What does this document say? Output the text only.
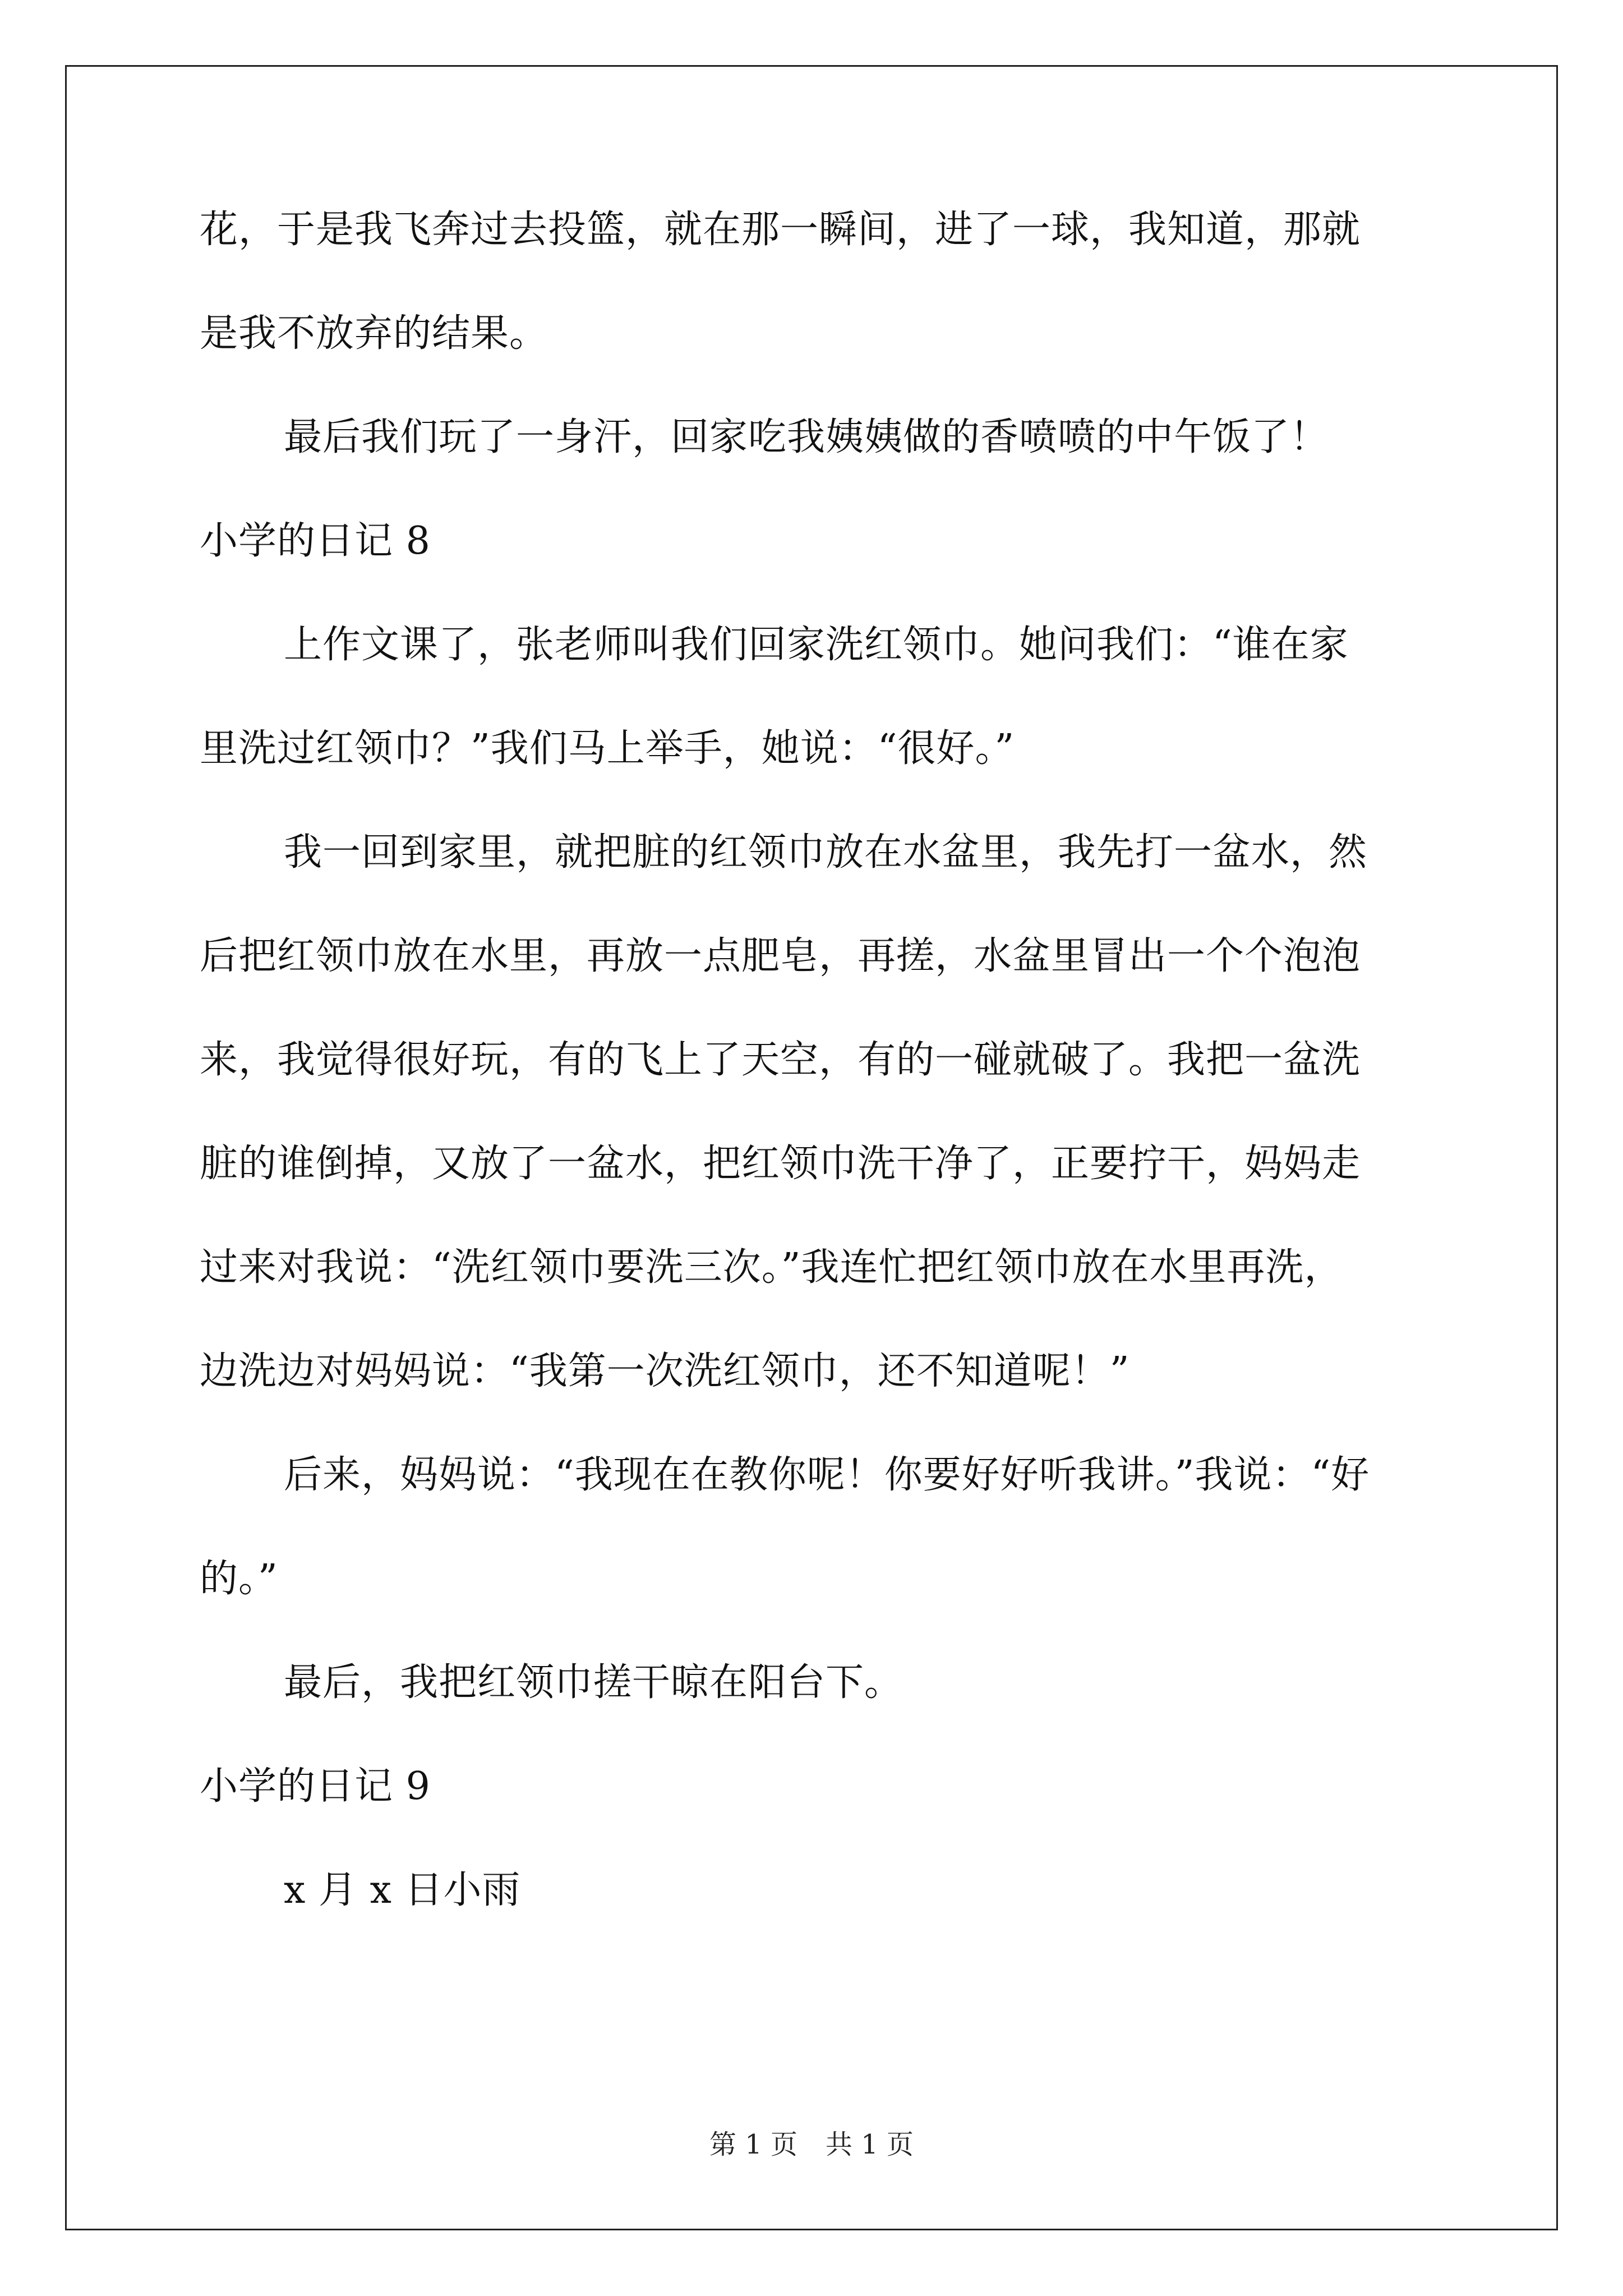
花，于是我飞奔过去投篮，就在那一瞬间，进了一球，我知道，那就
是我不放弃的结果。
最后我们玩了一身汗，回家吃我姨姨做的香喷喷的中午饭了！
小学的日记 8
上作文课了，张老师叫我们回家洗红领巾。她问我们：“谁在家
里洗过红领巾？”我们马上举手，她说：“很好。”
我一回到家里，就把脏的红领巾放在水盆里，我先打一盆水，然
后把红领巾放在水里，再放一点肥皂，再搓，水盆里冒出一个个泡泡
来，我觉得很好玩，有的飞上了天空，有的一碰就破了。我把一盆洗
脏的谁倒掉，又放了一盆水，把红领巾洗干净了，正要拧干，妈妈走
过来对我说：“洗红领巾要洗三次。”我连忙把红领巾放在水里再洗，
边洗边对妈妈说：“我第一次洗红领巾，还不知道呢！”
后来，妈妈说：“我现在在教你呢！你要好好听我讲。”我说：“好
的。”
最后，我把红领巾搓干晾在阳台下。
小学的日记 9
x 月 x 日小雨
第 1 页 共 1 页
